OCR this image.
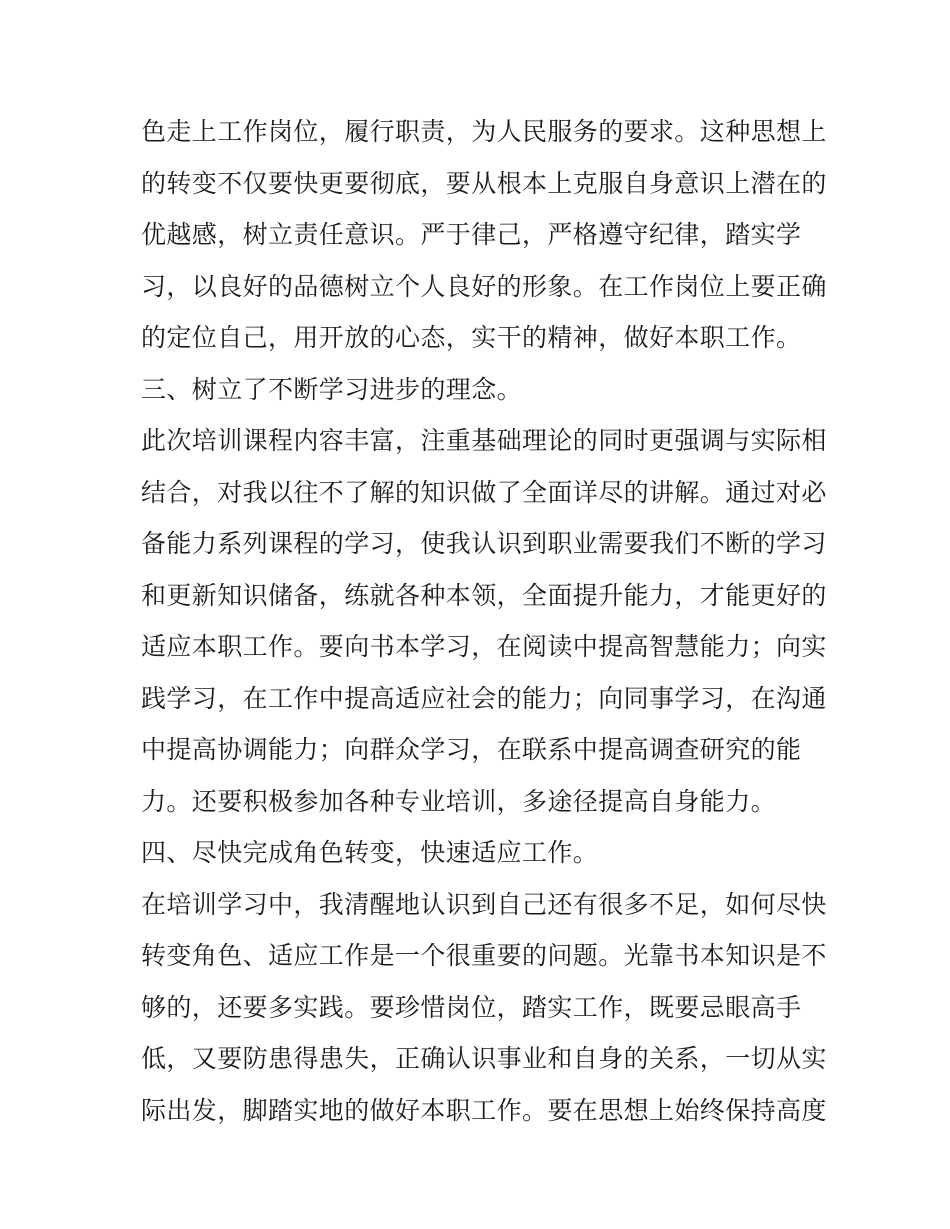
色走上工作岗位，履行职责，为人民服务的要求。这种思想上
的转变不仅要快更要彻底，要从根本上克服自身意识上潜在的
优越感，树立责任意识。严于律己，严格遵守纪律，踏实学
习，以良好的品德树立个人良好的形象。在工作岗位上要正确
的定位自己，用开放的心态，实干的精神，做好本职工作。
三、树立了不断学习进步的理念。
此次培训课程内容丰富，注重基础理论的同时更强调与实际相
结合，对我以往不了解的知识做了全面详尽的讲解。通过对必
备能力系列课程的学习，使我认识到职业需要我们不断的学习
和更新知识储备，练就各种本领，全面提升能力，才能更好的
适应本职工作。要向书本学习，在阅读中提高智慧能力；向实
践学习，在工作中提高适应社会的能力；向同事学习，在沟通
中提高协调能力；向群众学习，在联系中提高调查研究的能
力。还要积极参加各种专业培训，多途径提高自身能力。
四、尽快完成角色转变，快速适应工作。
在培训学习中，我清醒地认识到自己还有很多不足，如何尽快
转变角色、适应工作是一个很重要的问题。光靠书本知识是不
够的，还要多实践。要珍惜岗位，踏实工作，既要忌眼高手
低，又要防患得患失，正确认识事业和自身的关系，一切从实
际出发，脚踏实地的做好本职工作。要在思想上始终保持高度
